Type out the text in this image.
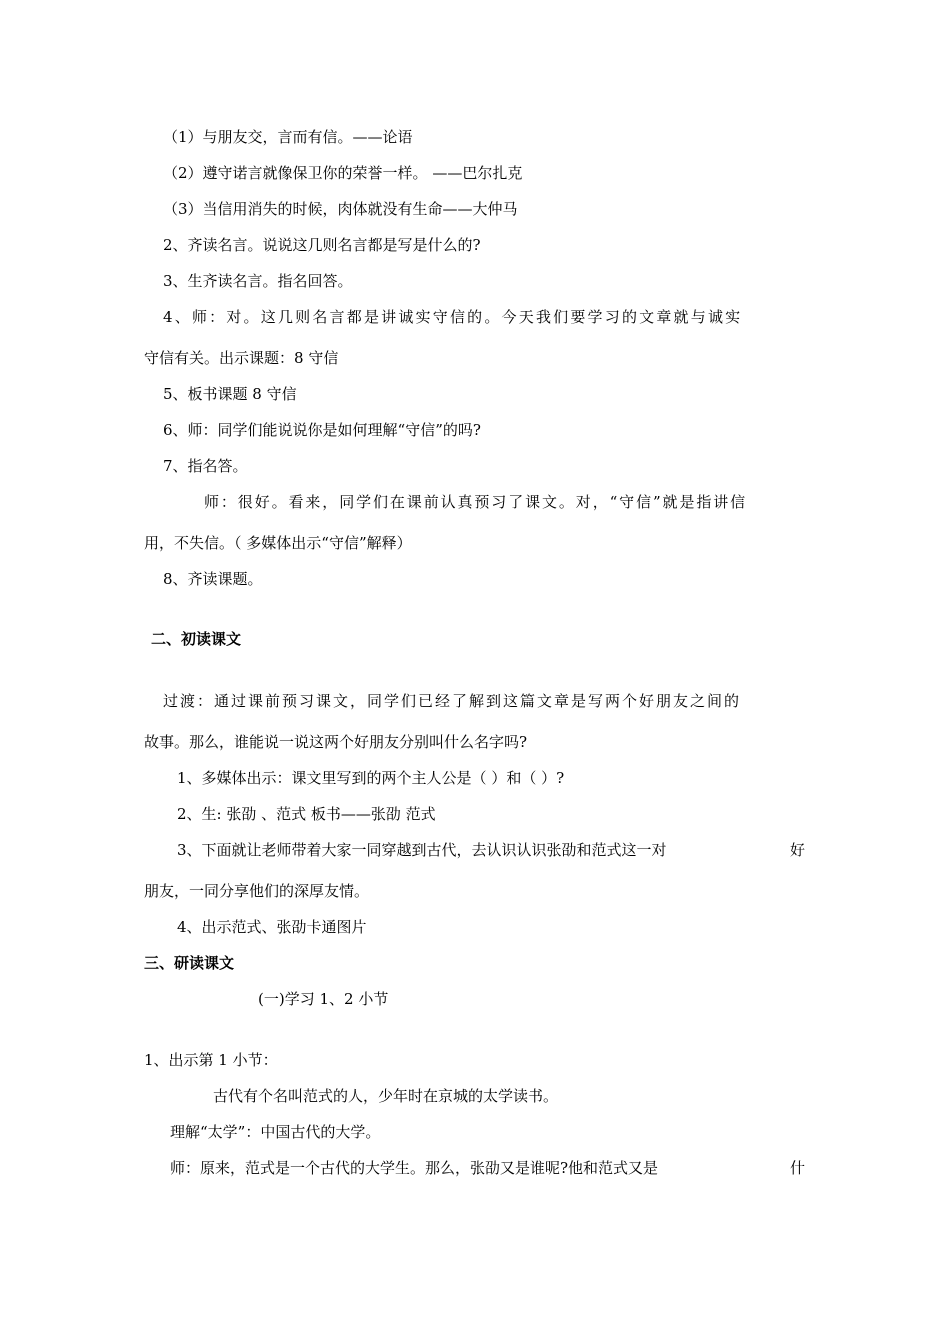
（1）与朋友交，言而有信。——论语
（2）遵守诺言就像保卫你的荣誉一样。 ——巴尔扎克
（3）当信用消失的时候，肉体就没有生命——大仲马
2、齐读名言。说说这几则名言都是写是什么的?
3、生齐读名言。指名回答。
4、师：对。这几则名言都是讲诚实守信的。今天我们要学习的文章就与诚实
守信有关。出示课题：8 守信
5、板书课题 8 守信
6、师：同学们能说说你是如何理解“守信”的吗?
7、指名答。
师：很好。看来，同学们在课前认真预习了课文。对，“守信”就是指讲信
用，不失信。（ 多媒体出示“守信”解释）
8、齐读课题。
二、初读课文
过渡：通过课前预习课文，同学们已经了解到这篇文章是写两个好朋友之间的
故事。那么，谁能说一说这两个好朋友分别叫什么名字吗?
1、多媒体出示：课文里写到的两个主人公是（ ）和（ ）?
2、生: 张劭 、范式 板书——张劭 范式
3、下面就让老师带着大家一同穿越到古代，去认识认识张劭和范式这一对	好
朋友，一同分享他们的深厚友情。
4、出示范式、张劭卡通图片
三、研读课文
(一)学习 1、2 小节
1、出示第 1 小节：
古代有个名叫范式的人，少年时在京城的太学读书。
理解“太学”：中国古代的大学。
师：原来，范式是一个古代的大学生。那么，张劭又是谁呢?他和范式又是	什
